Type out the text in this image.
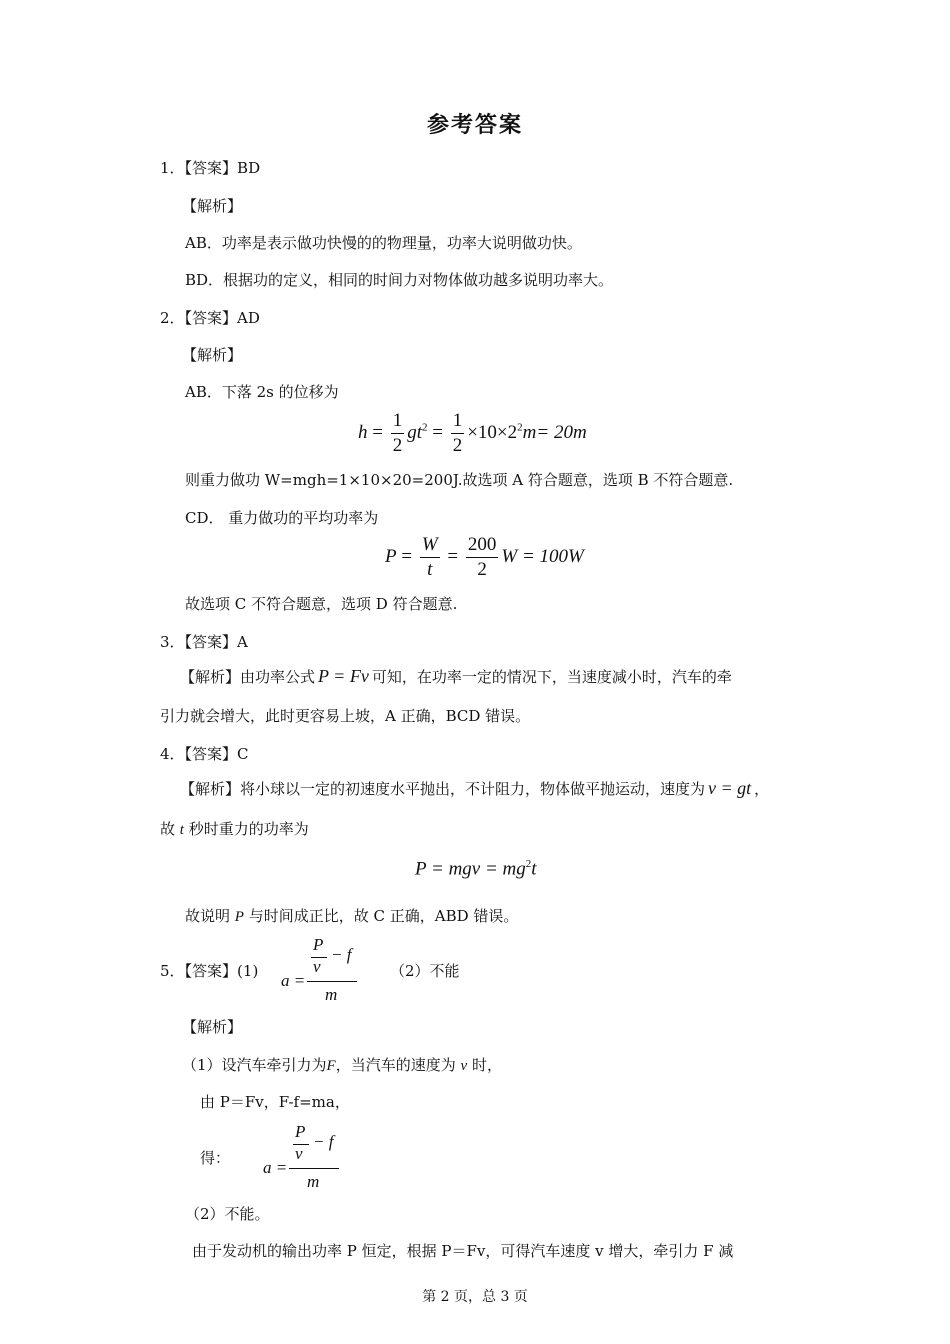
参考答案
1．【答案】BD
【解析】
AB．功率是表示做功快慢的的物理量，功率大说明做功快。
BD．根据功的定义，相同的时间力对物体做功越多说明功率大。
2．【答案】AD
【解析】
AB．下落 2s 的位移为
$h = \frac{1}{2} gt^2 = \frac{1}{2} \times 10\times 2^2m= 20m$
则重力做功 W=mgh=1×10×20=200J.故选项 A 符合题意，选项 B 不符合题意.
CD． 重力做功的平均功率为
$P = \frac{W}{t} = \frac{200}{2}$ W = 100W
故选项 C 不符合题意，选项 D 符合题意.
3．【答案】A
【解析】由功率公式 P = Fv 可知，在功率一定的情况下，当速度减小时，汽车的牵
引力就会增大，此时更容易上坡，A 正确，BCD 错误。
4．【答案】C
【解析】将小球以一定的初速度水平抛出，不计阻力，物体做平抛运动，速度为 v = gt ，
故 t 秒时重力的功率为
P = mgv = $mg^2t$
故说明 P 与时间成正比，故 C 正确，ABD 错误。
5．【答案】(1)
P
v
− f
a =
m
（2）不能
【解析】
（1）设汽车牵引力为F，当汽车的速度为 v 时，
由 P＝Fv，F-f=ma，
得：
P
v
− f
a =
m
（2）不能。
由于发动机的输出功率 P 恒定，根据 P＝Fv，可得汽车速度 v 增大，牵引力 F 减
第 2 页，总 3 页
